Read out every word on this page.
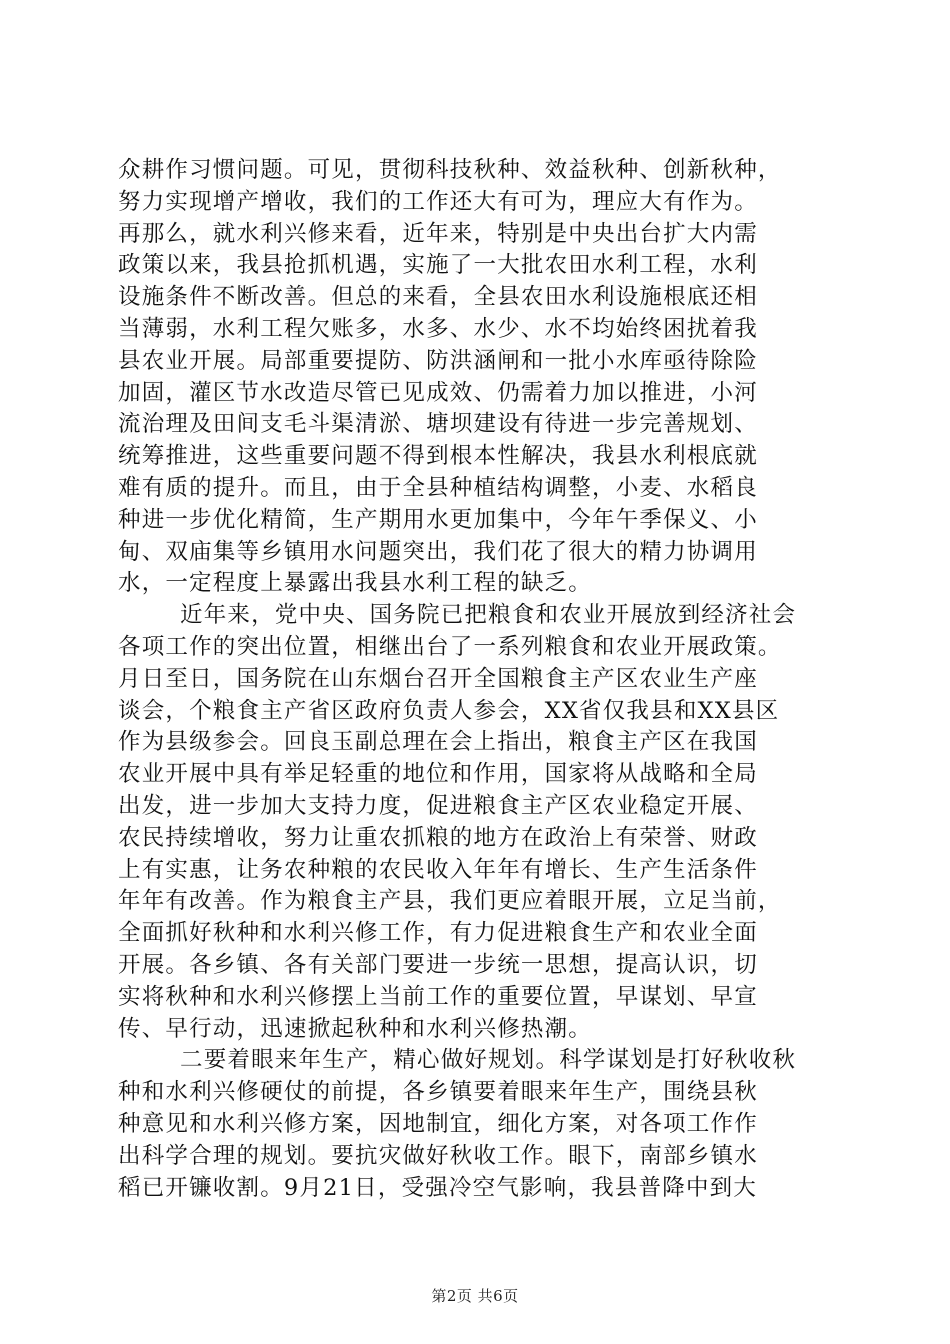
众耕作习惯问题。可见，贯彻科技秋种、效益秋种、创新秋种，
努力实现增产增收，我们的工作还大有可为，理应大有作为。
再那么，就水利兴修来看，近年来，特别是中央出台扩大内需
政策以来，我县抢抓机遇，实施了一大批农田水利工程，水利
设施条件不断改善。但总的来看，全县农田水利设施根底还相
当薄弱，水利工程欠账多，水多、水少、水不均始终困扰着我
县农业开展。局部重要提防、防洪涵闸和一批小水库亟待除险
加固，灌区节水改造尽管已见成效、仍需着力加以推进，小河
流治理及田间支毛斗渠清淤、塘坝建设有待进一步完善规划、
统筹推进，这些重要问题不得到根本性解决，我县水利根底就
难有质的提升。而且，由于全县种植结构调整，小麦、水稻良
种进一步优化精简，生产期用水更加集中，今年午季保义、小
甸、双庙集等乡镇用水问题突出，我们花了很大的精力协调用
水，一定程度上暴露出我县水利工程的缺乏。
近年来，党中央、国务院已把粮食和农业开展放到经济社会
各项工作的突出位置，相继出台了一系列粮食和农业开展政策。
月日至日，国务院在山东烟台召开全国粮食主产区农业生产座
谈会，个粮食主产省区政府负责人参会，XX省仅我县和XX县区
作为县级参会。回良玉副总理在会上指出，粮食主产区在我国
农业开展中具有举足轻重的地位和作用，国家将从战略和全局
出发，进一步加大支持力度，促进粮食主产区农业稳定开展、
农民持续增收，努力让重农抓粮的地方在政治上有荣誉、财政
上有实惠，让务农种粮的农民收入年年有增长、生产生活条件
年年有改善。作为粮食主产县，我们更应着眼开展，立足当前，
全面抓好秋种和水利兴修工作，有力促进粮食生产和农业全面
开展。各乡镇、各有关部门要进一步统一思想，提高认识，切
实将秋种和水利兴修摆上当前工作的重要位置，早谋划、早宣
传、早行动，迅速掀起秋种和水利兴修热潮。
二要着眼来年生产，精心做好规划。科学谋划是打好秋收秋
种和水利兴修硬仗的前提，各乡镇要着眼来年生产，围绕县秋
种意见和水利兴修方案，因地制宜，细化方案，对各项工作作
出科学合理的规划。要抗灾做好秋收工作。眼下，南部乡镇水
稻已开镰收割。9月21日，受强冷空气影响，我县普降中到大
第2页 共6页
